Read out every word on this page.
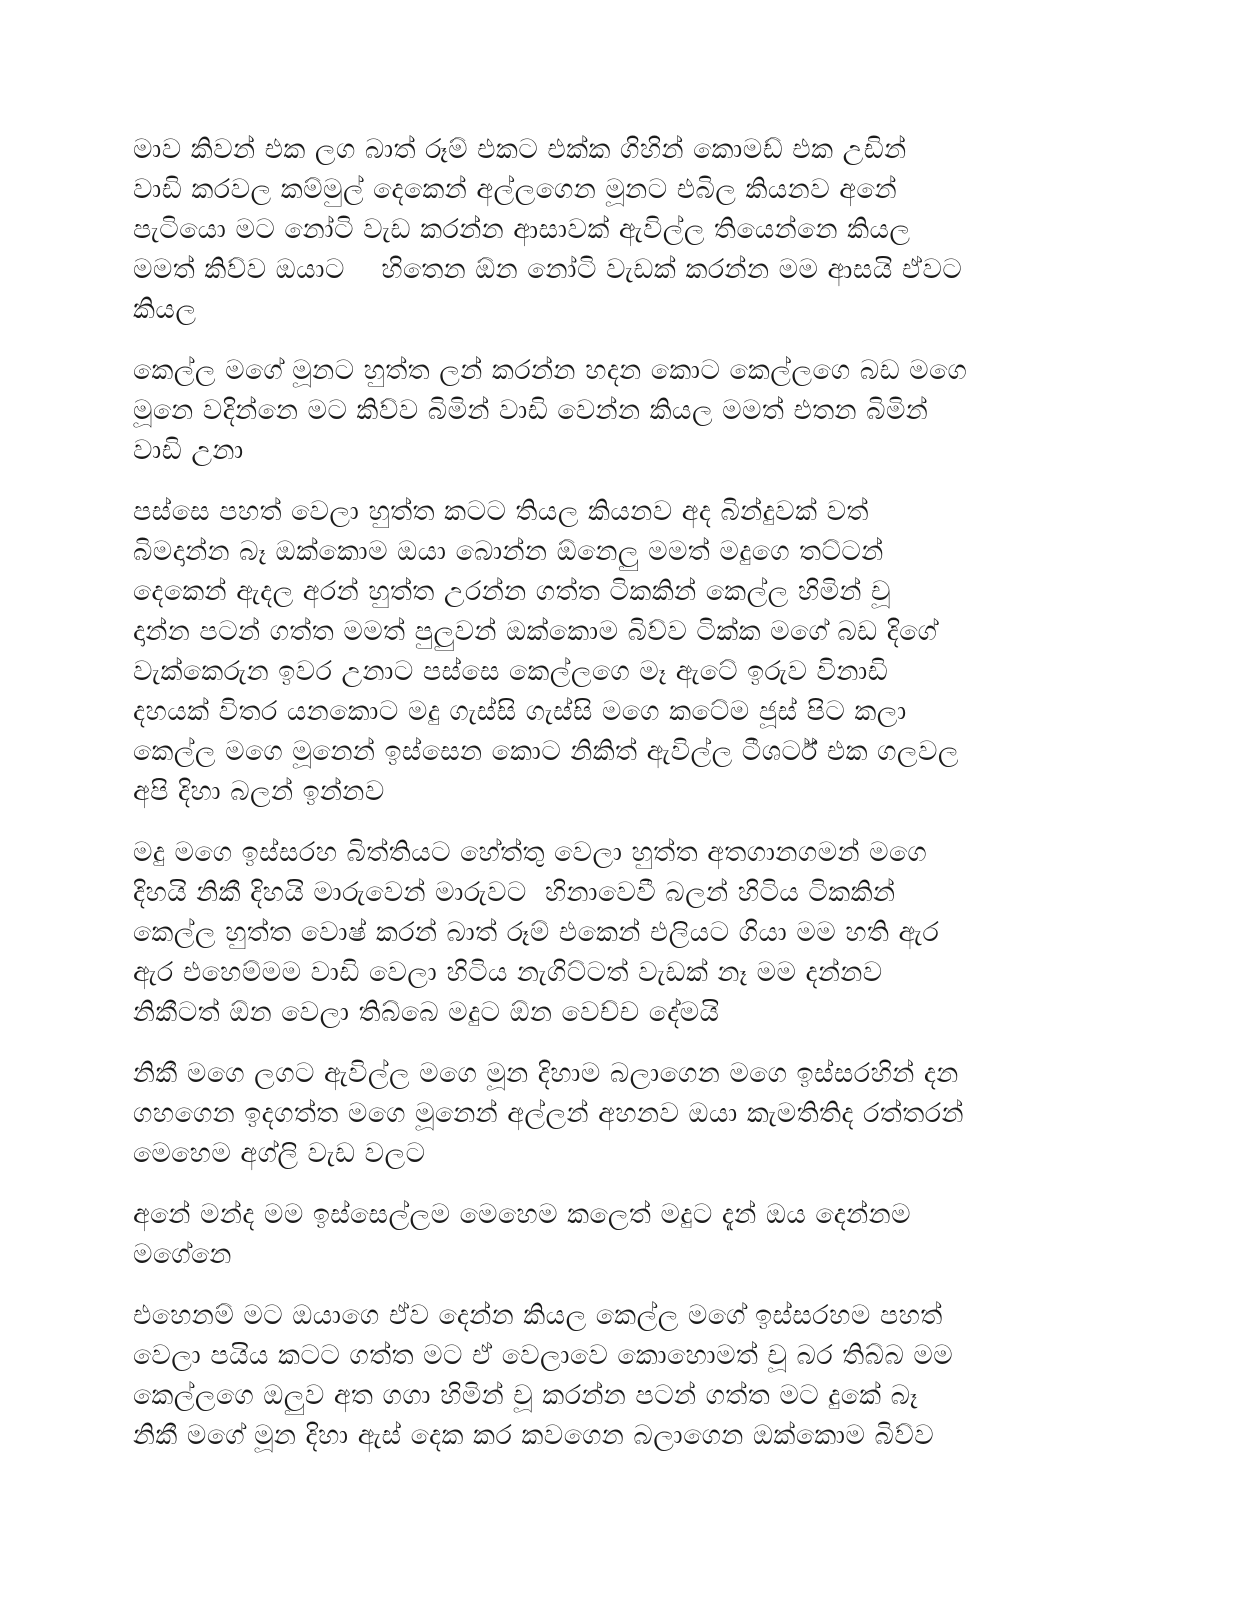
මාව කිවන් එක ලග බාත් රූම් එකට එක්ක ගිහින් කොමඩ් එක උඩින්
වාඩි කරවල කම්මුල් දෙකෙන් අල්ලගෙන මූනට එබිල කියනව අනේ
පැටියො මට නෝටි වැඩ කරන්න ආසාවක් ඇවිල්ල තියෙන්නෙ කියල
මමත් කිව්ව ඔයාට    හිතෙන ඕන නෝටි වැඩක් කරන්න මම ආසයි ඒවට
කියල
කෙල්ල මගේ මූනට හුත්ත ලන් කරන්න හදන කොට කෙල්ලගෙ බඩ මගෙ
මූනෙ වදින්නෙ මට කිව්ව බිමින් වාඩි වෙන්න කියල මමත් එතන බිමින්
වාඩි උනා
පස්සෙ පහත් වෙලා හුත්ත කටට තියල කියනව අද බින්දුවක් වත්
බිමදාන්න බෑ ඔක්කොම ඔයා බොන්න ඕනෙලු මමත් මදුගෙ තට්ටන්
දෙකෙන් ඇදල අරන් හුත්ත උරන්න ගත්ත ටිකකින් කෙල්ල හිමින් චූ
දාන්න පටන් ගත්ත මමත් පුලුවන් ඔක්කොම බිව්ව ටික්ක මගේ බඩ දිගේ
වැක්කෙරුන ඉවර උනාට පස්සෙ කෙල්ලගෙ මෑ ඇටේ ඉරුව විනාඩි
දහයක් විතර යනකොට මදු ගැස්සි ගැස්සි මගෙ කටේම ජූස් පිට කලා
කෙල්ල මගෙ මූනෙන් ඉස්සෙන කොට නිකිත් ඇවිල්ල ටීශර්ට් එක ගලවල
අපි දිහා බලන් ඉන්නව
මදු මගෙ ඉස්සරහ බිත්තියට හේත්තු වෙලා හුත්ත අතගානගමන් මගෙ
දිහයි නිකී දිහයි මාරුවෙන් මාරුවට  හිනාවෙවී බලන් හිටිය ටිකකින්
කෙල්ල හුත්ත වොෂ් කරන් බාත් රූම් එකෙන් එලියට ගියා මම හති ඇර
ඇර එහෙම්මම වාඩි වෙලා හිටිය නැගිට්ටත් වැඩක් නෑ මම දන්නව
නිකීටත් ඕන වෙලා තිබ්බෙ මදුට ඕන වෙච්ච දේමයි
නිකී මගෙ ලගට ඇවිල්ල මගෙ මූන දිහාම බලාගෙන මගෙ ඉස්සරහින් දන
ගහගෙන ඉදගත්ත මගෙ මූනෙන් අල්ලන් අහනව ඔයා කැමතිතිද රත්තරන්
මෙහෙම අග්ලි වැඩ වලට
අනේ මන්ද මම ඉස්සෙල්ලම මෙහෙම කලෙත් මදුට දැන් ඔය දෙන්නම
මගේනෙ
එහෙනම් මට ඔයාගෙ ඒව දෙන්න කියල කෙල්ල මගේ ඉස්සරහම පහත්
වෙලා පයිය කටට ගත්ත මට ඒ වෙලාවෙ කොහොමත් චූ බර තිබ්බ මම
කෙල්ලගෙ ඔලුව අත ගගා හිමින් චූ කරන්න පටන් ගත්ත මට දුකේ බෑ
නිකී මගේ මූන දිහා ඇස් දෙක කර කවගෙන බලාගෙන ඔක්කොම බිව්ව
